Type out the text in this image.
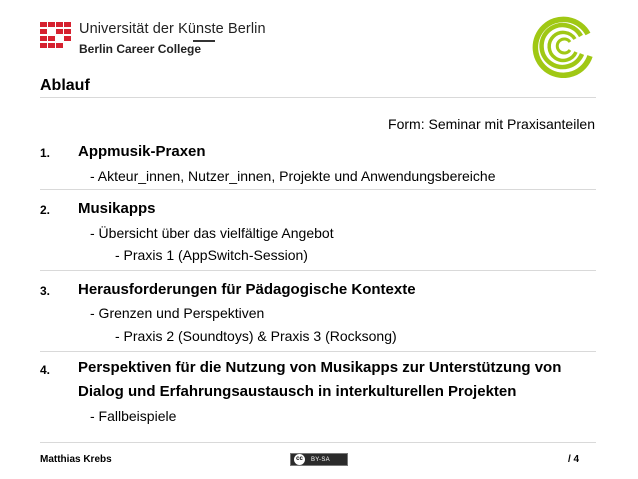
Universität der Künste Berlin
Berlin Career College
Ablauf
Form: Seminar mit Praxisanteilen
1. Appmusik-Praxen
- Akteur_innen, Nutzer_innen, Projekte und Anwendungsbereiche
2. Musikapps
- Übersicht über das vielfältige Angebot
- Praxis 1 (AppSwitch-Session)
3. Herausforderungen für Pädagogische Kontexte
- Grenzen und Perspektiven
- Praxis 2 (Soundtoys) & Praxis 3 (Rocksong)
4. Perspektiven für die Nutzung von Musikapps zur Unterstützung von
Dialog und Erfahrungsaustausch in interkulturellen Projekten
- Fallbeispiele
Matthias Krebs	cc	BY-SA	/ 4
